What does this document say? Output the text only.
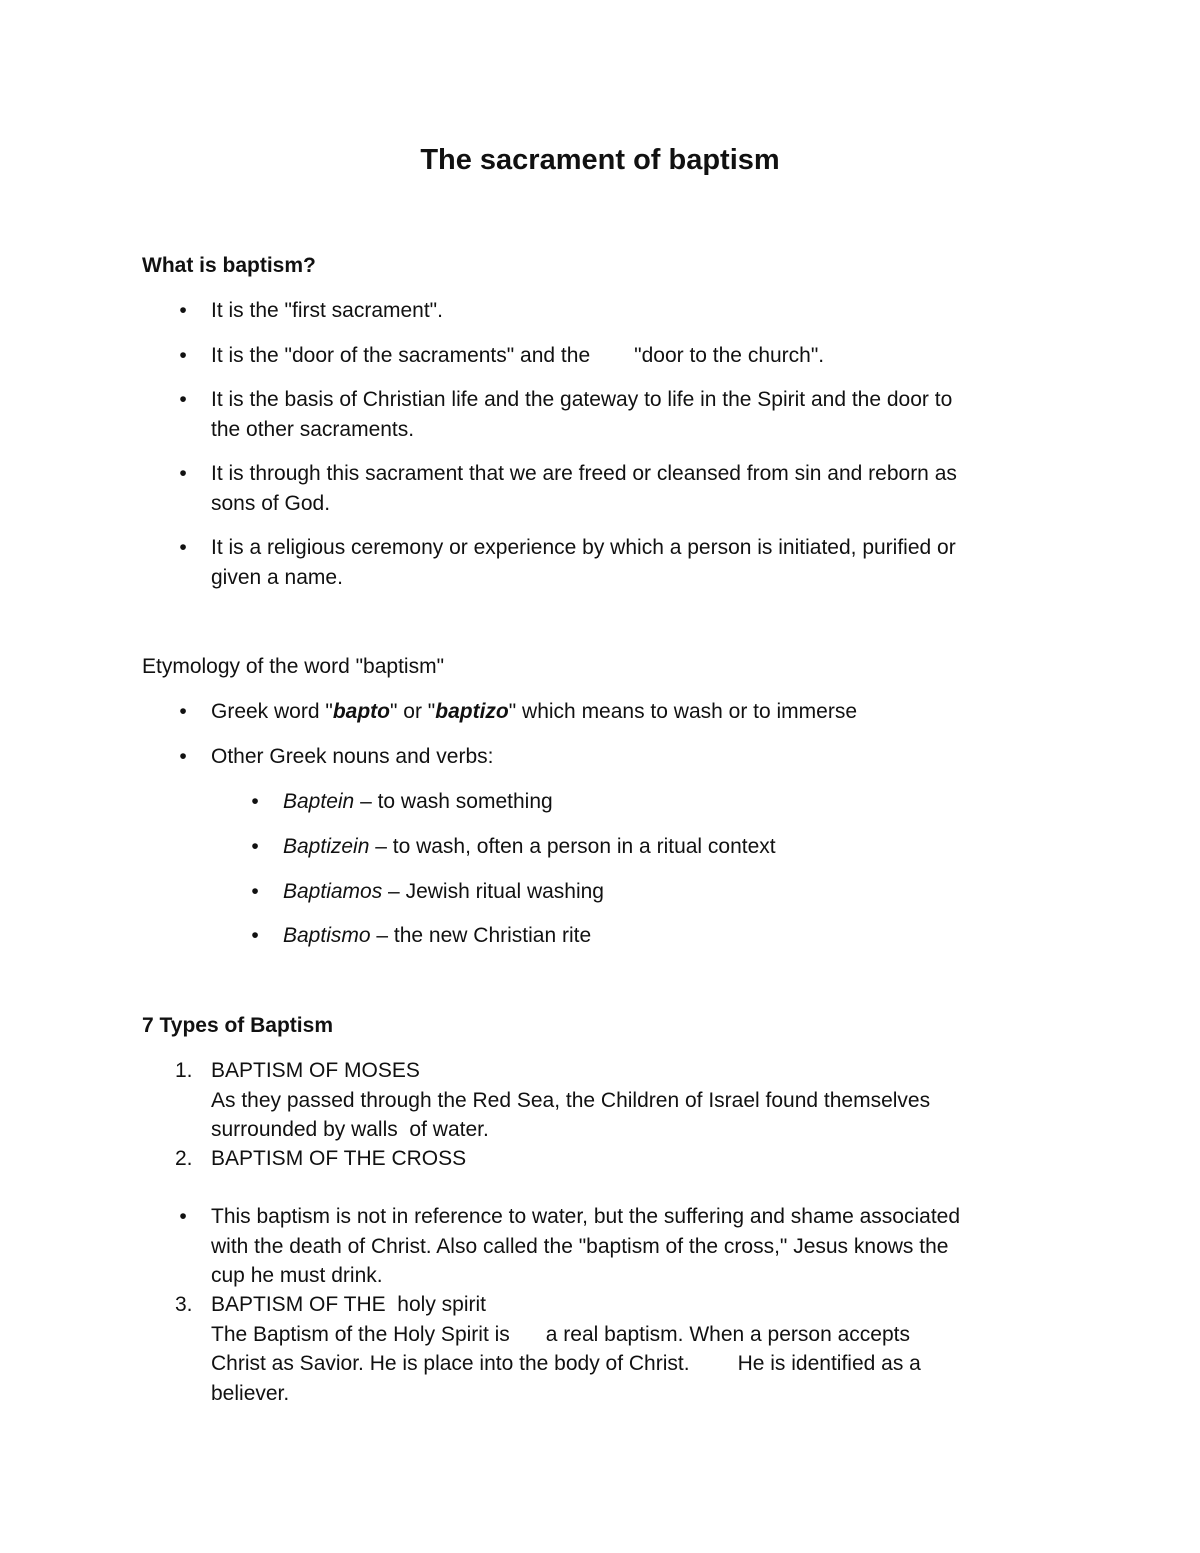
The sacrament of baptism
What is baptism?
•	It is the "first sacrament".
•	It is the "door of the sacraments" and the "door to the church".
•	It is the basis of Christian life and the gateway to life in the Spirit and the door to
the other sacraments.
•	It is through this sacrament that we are freed or cleansed from sin and reborn as
sons of God.
•	It is a religious ceremony or experience by which a person is initiated, purified or
given a name.
Etymology of the word "baptism"
•	Greek word "bapto" or "baptizo" which means to wash or to immerse
•	Other Greek nouns and verbs:
•	Baptein – to wash something
•	Baptizein – to wash, often a person in a ritual context
•	Baptiamos – Jewish ritual washing
•	Baptismo – the new Christian rite
7 Types of Baptism
1. BAPTISM OF MOSES
As they passed through the Red Sea, the Children of Israel found themselves
surrounded by walls  of water.
2. BAPTISM OF THE CROSS
•	This baptism is not in reference to water, but the suffering and shame associated
with the death of Christ. Also called the "baptism of the cross," Jesus knows the
cup he must drink.
3. BAPTISM OF THE  holy spirit
The Baptism of the Holy Spirit is a real baptism. When a person accepts
Christ as Savior. He is place into the body of Christ. He is identified as a
believer.
